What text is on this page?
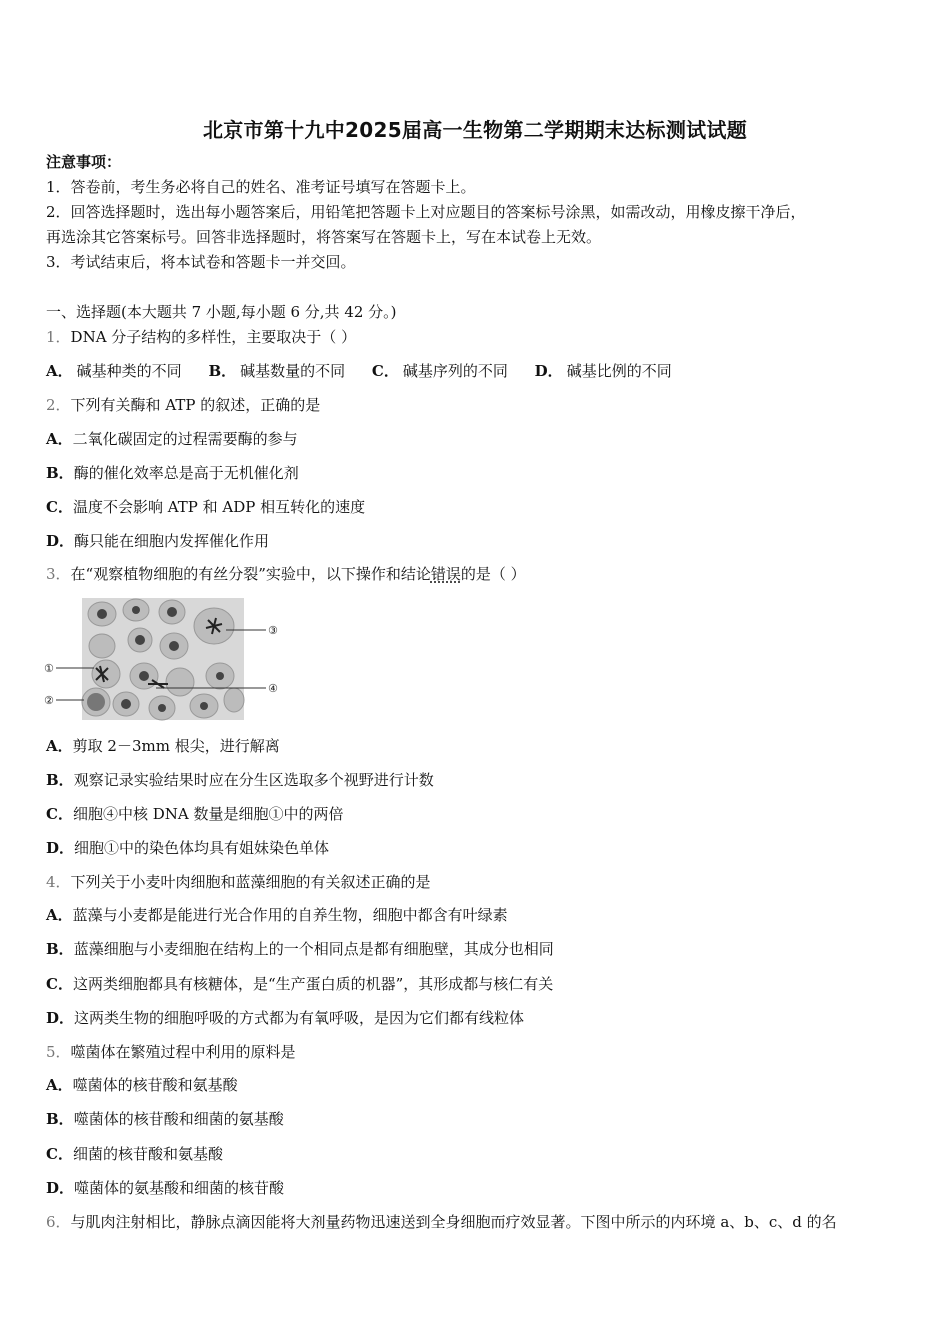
北京市第十九中2025届高一生物第二学期期末达标测试试题
注意事项：
1．答卷前，考生务必将自己的姓名、准考证号填写在答题卡上。
2．回答选择题时，选出每小题答案后，用铅笔把答题卡上对应题目的答案标号涂黑，如需改动，用橡皮擦干净后，
再选涂其它答案标号。回答非选择题时，将答案写在答题卡上，写在本试卷上无效。
3．考试结束后，将本试卷和答题卡一并交回。
一、选择题(本大题共 7 小题,每小题 6 分,共 42 分。)
1．DNA 分子结构的多样性，主要取决于（ ）
A． 碱基种类的不同 B． 碱基数量的不同 C． 碱基序列的不同 D． 碱基比例的不同
2．下列有关酶和 ATP 的叙述，正确的是
A．二氧化碳固定的过程需要酶的参与
B．酶的催化效率总是高于无机催化剂
C．温度不会影响 ATP 和 ADP 相互转化的速度
D．酶只能在细胞内发挥催化作用
3．在“观察植物细胞的有丝分裂”实验中，以下操作和结论错误的是（ ）
①
②
③
④
A．剪取 2－3mm 根尖，进行解离
B．观察记录实验结果时应在分生区选取多个视野进行计数
C．细胞④中核 DNA 数量是细胞①中的两倍
D．细胞①中的染色体均具有姐妹染色单体
4．下列关于小麦叶肉细胞和蓝藻细胞的有关叙述正确的是
A．蓝藻与小麦都是能进行光合作用的自养生物，细胞中都含有叶绿素
B．蓝藻细胞与小麦细胞在结构上的一个相同点是都有细胞壁，其成分也相同
C．这两类细胞都具有核糖体，是“生产蛋白质的机器”，其形成都与核仁有关
D．这两类生物的细胞呼吸的方式都为有氧呼吸，是因为它们都有线粒体
5．噬菌体在繁殖过程中利用的原料是
A．噬菌体的核苷酸和氨基酸
B．噬菌体的核苷酸和细菌的氨基酸
C．细菌的核苷酸和氨基酸
D．噬菌体的氨基酸和细菌的核苷酸
6．与肌肉注射相比，静脉点滴因能将大剂量药物迅速送到全身细胞而疗效显著。下图中所示的内环境 a、b、c、d 的名
